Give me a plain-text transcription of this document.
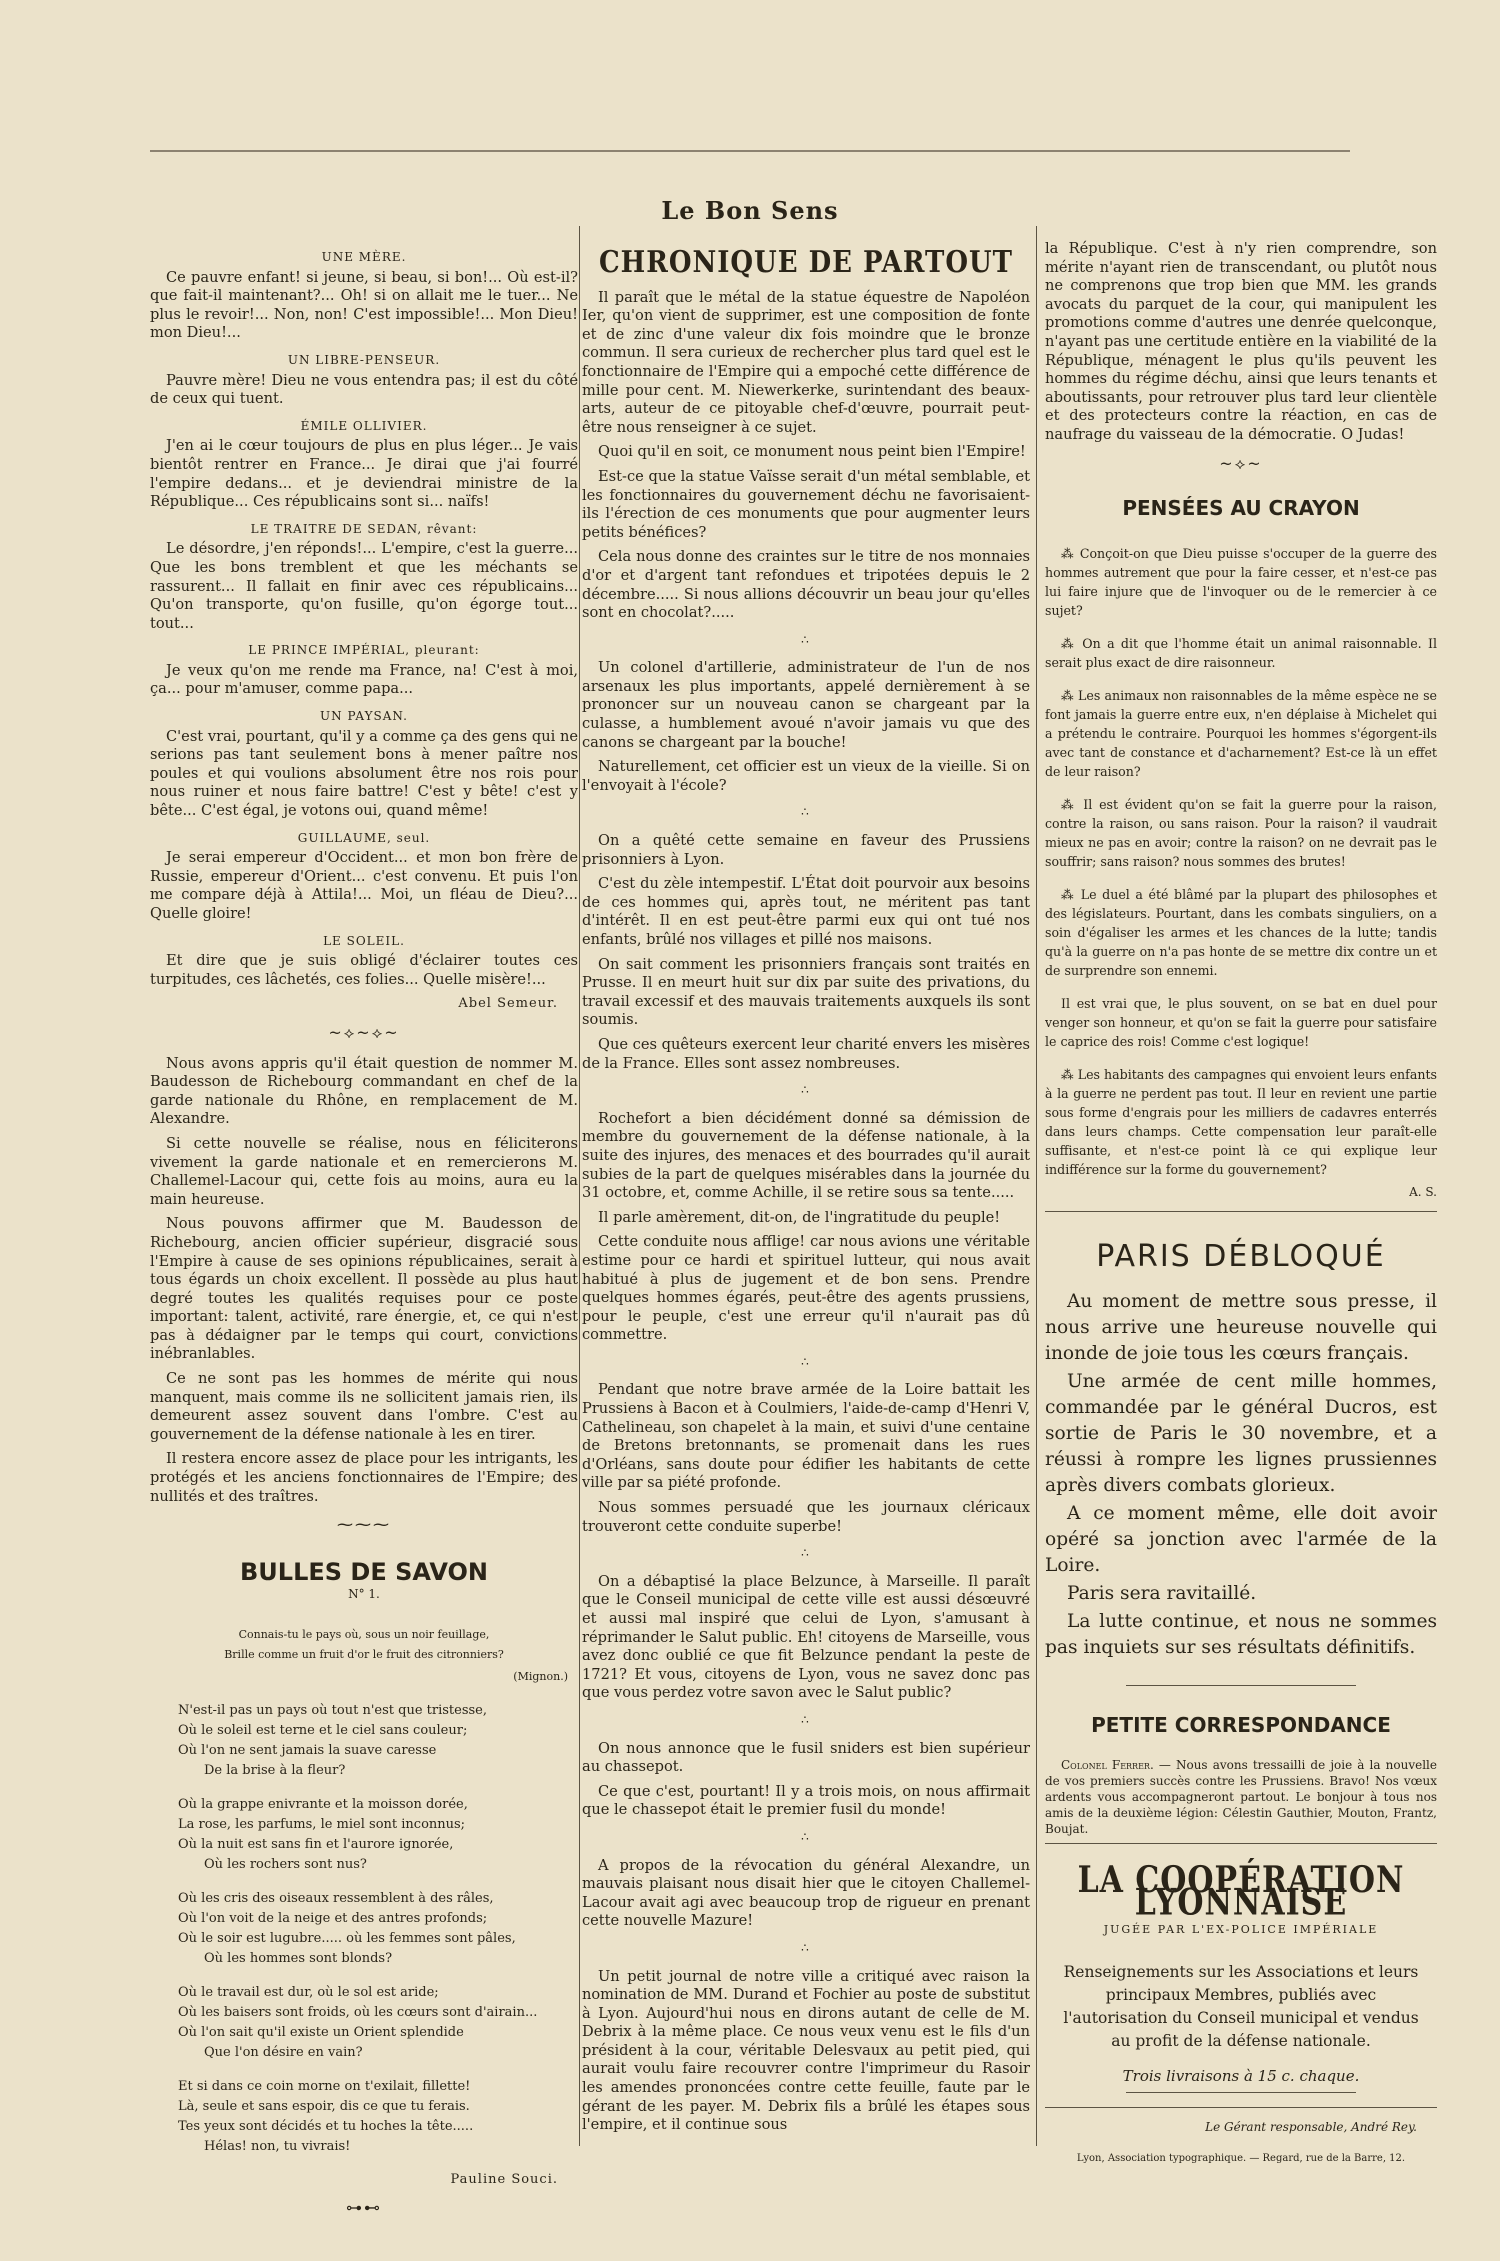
Le Bon Sens

UNE MÈRE.

Ce pauvre enfant! si jeune, si beau, si bon!... Où est-il? que fait-il maintenant?... Oh! si on allait me le tuer... Ne plus le revoir!... Non, non! C'est impossible!... Mon Dieu! mon Dieu!...

UN LIBRE-PENSEUR.

Pauvre mère! Dieu ne vous entendra pas; il est du côté de ceux qui tuent.

ÉMILE OLLIVIER.

J'en ai le cœur toujours de plus en plus léger... Je vais bientôt rentrer en France... Je dirai que j'ai fourré l'empire dedans... et je deviendrai ministre de la République... Ces républicains sont si... naïfs!

LE TRAITRE DE SEDAN, rêvant:

Le désordre, j'en réponds!... L'empire, c'est la guerre... Que les bons tremblent et que les méchants se rassurent... Il fallait en finir avec ces républicains... Qu'on transporte, qu'on fusille, qu'on égorge tout... tout...

LE PRINCE IMPÉRIAL, pleurant:

Je veux qu'on me rende ma France, na! C'est à moi, ça... pour m'amuser, comme papa...

UN PAYSAN.

C'est vrai, pourtant, qu'il y a comme ça des gens qui ne serions pas tant seulement bons à mener paître nos poules et qui voulions absolument être nos rois pour nous ruiner et nous faire battre! C'est y bête! c'est y bête... C'est égal, je votons oui, quand même!

GUILLAUME, seul.

Je serai empereur d'Occident... et mon bon frère de Russie, empereur d'Orient... c'est convenu. Et puis l'on me compare déjà à Attila!... Moi, un fléau de Dieu?... Quelle gloire!

LE SOLEIL.

Et dire que je suis obligé d'éclairer toutes ces turpitudes, ces lâchetés, ces folies... Quelle misère!...

Abel Semeur.

~⟡~⟡~

Nous avons appris qu'il était question de nommer M. Baudesson de Richebourg commandant en chef de la garde nationale du Rhône, en remplacement de M. Alexandre.

Si cette nouvelle se réalise, nous en féliciterons vivement la garde nationale et en remercierons M. Challemel-Lacour qui, cette fois au moins, aura eu la main heureuse.

Nous pouvons affirmer que M. Baudesson de Richebourg, ancien officier supérieur, disgracié sous l'Empire à cause de ses opinions républicaines, serait à tous égards un choix excellent. Il possède au plus haut degré toutes les qualités requises pour ce poste important: talent, activité, rare énergie, et, ce qui n'est pas à dédaigner par le temps qui court, convictions inébranlables.

Ce ne sont pas les hommes de mérite qui nous manquent, mais comme ils ne sollicitent jamais rien, ils demeurent assez souvent dans l'ombre. C'est au gouvernement de la défense nationale à les en tirer.

Il restera encore assez de place pour les intrigants, les protégés et les anciens fonctionnaires de l'Empire; des nullités et des traîtres.

⁓⁓⁓
BULLES DE SAVON

N° 1.

Connais-tu le pays où, sous un noir feuillage,

Brille comme un fruit d'or le fruit des citronniers?

(Mignon.)

N'est-il pas un pays où tout n'est que tristesse,

Où le soleil est terne et le ciel sans couleur;

Où l'on ne sent jamais la suave caresse

De la brise à la fleur?

Où la grappe enivrante et la moisson dorée,

La rose, les parfums, le miel sont inconnus;

Où la nuit est sans fin et l'aurore ignorée,

Où les rochers sont nus?

Où les cris des oiseaux ressemblent à des râles,

Où l'on voit de la neige et des antres profonds;

Où le soir est lugubre..... où les femmes sont pâles,

Où les hommes sont blonds?

Où le travail est dur, où le sol est aride;

Où les baisers sont froids, où les cœurs sont d'airain...

Où l'on sait qu'il existe un Orient splendide

Que l'on désire en vain?

Et si dans ce coin morne on t'exilait, fillette!

Là, seule et sans espoir, dis ce que tu ferais.

Tes yeux sont décidés et tu hoches la tête.....

Hélas! non, tu vivrais!

Pauline Souci.

⊶⊷
CHRONIQUE DE PARTOUT

Il paraît que le métal de la statue équestre de Napoléon Ier, qu'on vient de supprimer, est une composition de fonte et de zinc d'une valeur dix fois moindre que le bronze commun. Il sera curieux de rechercher plus tard quel est le fonctionnaire de l'Empire qui a empoché cette différence de mille pour cent. M. Niewerkerke, surintendant des beaux-arts, auteur de ce pitoyable chef-d'œuvre, pourrait peut-être nous renseigner à ce sujet.

Quoi qu'il en soit, ce monument nous peint bien l'Empire!

Est-ce que la statue Vaïsse serait d'un métal semblable, et les fonctionnaires du gouvernement déchu ne favorisaient-ils l'érection de ces monuments que pour augmenter leurs petits bénéfices?

Cela nous donne des craintes sur le titre de nos monnaies d'or et d'argent tant refondues et tripotées depuis le 2 décembre..... Si nous allions découvrir un beau jour qu'elles sont en chocolat?.....

∴

Un colonel d'artillerie, administrateur de l'un de nos arsenaux les plus importants, appelé dernièrement à se prononcer sur un nouveau canon se chargeant par la culasse, a humblement avoué n'avoir jamais vu que des canons se chargeant par la bouche!

Naturellement, cet officier est un vieux de la vieille. Si on l'envoyait à l'école?

∴

On a quêté cette semaine en faveur des Prussiens prisonniers à Lyon.

C'est du zèle intempestif. L'État doit pourvoir aux besoins de ces hommes qui, après tout, ne méritent pas tant d'intérêt. Il en est peut-être parmi eux qui ont tué nos enfants, brûlé nos villages et pillé nos maisons.

On sait comment les prisonniers français sont traités en Prusse. Il en meurt huit sur dix par suite des privations, du travail excessif et des mauvais traitements auxquels ils sont soumis.

Que ces quêteurs exercent leur charité envers les misères de la France. Elles sont assez nombreuses.

∴

Rochefort a bien décidément donné sa démission de membre du gouvernement de la défense nationale, à la suite des injures, des menaces et des bourrades qu'il aurait subies de la part de quelques misérables dans la journée du 31 octobre, et, comme Achille, il se retire sous sa tente.....

Il parle amèrement, dit-on, de l'ingratitude du peuple!

Cette conduite nous afflige! car nous avions une véritable estime pour ce hardi et spirituel lutteur, qui nous avait habitué à plus de jugement et de bon sens. Prendre quelques hommes égarés, peut-être des agents prussiens, pour le peuple, c'est une erreur qu'il n'aurait pas dû commettre.

∴

Pendant que notre brave armée de la Loire battait les Prussiens à Bacon et à Coulmiers, l'aide-de-camp d'Henri V, Cathelineau, son chapelet à la main, et suivi d'une centaine de Bretons bretonnants, se promenait dans les rues d'Orléans, sans doute pour édifier les habitants de cette ville par sa piété profonde.

Nous sommes persuadé que les journaux cléricaux trouveront cette conduite superbe!

∴

On a débaptisé la place Belzunce, à Marseille. Il paraît que le Conseil municipal de cette ville est aussi désœuvré et aussi mal inspiré que celui de Lyon, s'amusant à réprimander le Salut public. Eh! citoyens de Marseille, vous avez donc oublié ce que fit Belzunce pendant la peste de 1721? Et vous, citoyens de Lyon, vous ne savez donc pas que vous perdez votre savon avec le Salut public?

∴

On nous annonce que le fusil sniders est bien supérieur au chassepot.

Ce que c'est, pourtant! Il y a trois mois, on nous affirmait que le chassepot était le premier fusil du monde!

∴

A propos de la révocation du général Alexandre, un mauvais plaisant nous disait hier que le citoyen Challemel-Lacour avait agi avec beaucoup trop de rigueur en prenant cette nouvelle Mazure!

∴

Un petit journal de notre ville a critiqué avec raison la nomination de MM. Durand et Fochier au poste de substitut à Lyon. Aujourd'hui nous en dirons autant de celle de M. Debrix à la même place. Ce nous veux venu est le fils d'un président à la cour, véritable Delesvaux au petit pied, qui aurait voulu faire recouvrer contre l'imprimeur du Rasoir les amendes prononcées contre cette feuille, faute par le gérant de les payer. M. Debrix fils a brûlé les étapes sous l'empire, et il continue sous

la République. C'est à n'y rien comprendre, son mérite n'ayant rien de transcendant, ou plutôt nous ne comprenons que trop bien que MM. les grands avocats du parquet de la cour, qui manipulent les promotions comme d'autres une denrée quelconque, n'ayant pas une certitude entière en la viabilité de la République, ménagent le plus qu'ils peuvent les hommes du régime déchu, ainsi que leurs tenants et aboutissants, pour retrouver plus tard leur clientèle et des protecteurs contre la réaction, en cas de naufrage du vaisseau de la démocratie. O Judas!

~⟡~
PENSÉES AU CRAYON

⁂ Conçoit-on que Dieu puisse s'occuper de la guerre des hommes autrement que pour la faire cesser, et n'est-ce pas lui faire injure que de l'invoquer ou de le remercier à ce sujet?

⁂ On a dit que l'homme était un animal raisonnable. Il serait plus exact de dire raisonneur.

⁂ Les animaux non raisonnables de la même espèce ne se font jamais la guerre entre eux, n'en déplaise à Michelet qui a prétendu le contraire. Pourquoi les hommes s'égorgent-ils avec tant de constance et d'acharnement? Est-ce là un effet de leur raison?

⁂ Il est évident qu'on se fait la guerre pour la raison, contre la raison, ou sans raison. Pour la raison? il vaudrait mieux ne pas en avoir; contre la raison? on ne devrait pas le souffrir; sans raison? nous sommes des brutes!

⁂ Le duel a été blâmé par la plupart des philosophes et des législateurs. Pourtant, dans les combats singuliers, on a soin d'égaliser les armes et les chances de la lutte; tandis qu'à la guerre on n'a pas honte de se mettre dix contre un et de surprendre son ennemi.

Il est vrai que, le plus souvent, on se bat en duel pour venger son honneur, et qu'on se fait la guerre pour satisfaire le caprice des rois! Comme c'est logique!

⁂ Les habitants des campagnes qui envoient leurs enfants à la guerre ne perdent pas tout. Il leur en revient une partie sous forme d'engrais pour les milliers de cadavres enterrés dans leurs champs. Cette compensation leur paraît-elle suffisante, et n'est-ce point là ce qui explique leur indifférence sur la forme du gouvernement?

A. S.

PARIS DÉBLOQUÉ

Au moment de mettre sous presse, il nous arrive une heureuse nouvelle qui inonde de joie tous les cœurs français.

Une armée de cent mille hommes, commandée par le général Ducros, est sortie de Paris le 30 novembre, et a réussi à rompre les lignes prussiennes après divers combats glorieux.

A ce moment même, elle doit avoir opéré sa jonction avec l'armée de la Loire.

Paris sera ravitaillé.

La lutte continue, et nous ne sommes pas inquiets sur ses résultats définitifs.

PETITE CORRESPONDANCE

Colonel Ferrer. — Nous avons tressailli de joie à la nouvelle de vos premiers succès contre les Prussiens. Bravo! Nos vœux ardents vous accompagneront partout. Le bonjour à tous nos amis de la deuxième légion: Célestin Gauthier, Mouton, Frantz, Boujat.

LA COOPÉRATION LYONNAISE

JUGÉE PAR L'EX-POLICE IMPÉRIALE

Renseignements sur les Associations et leurs principaux Membres, publiés avec l'autorisation du Conseil municipal et vendus au profit de la défense nationale.

Trois livraisons à 15 c. chaque.

Le Gérant responsable, André Rey.

Lyon, Association typographique. — Regard, rue de la Barre, 12.
